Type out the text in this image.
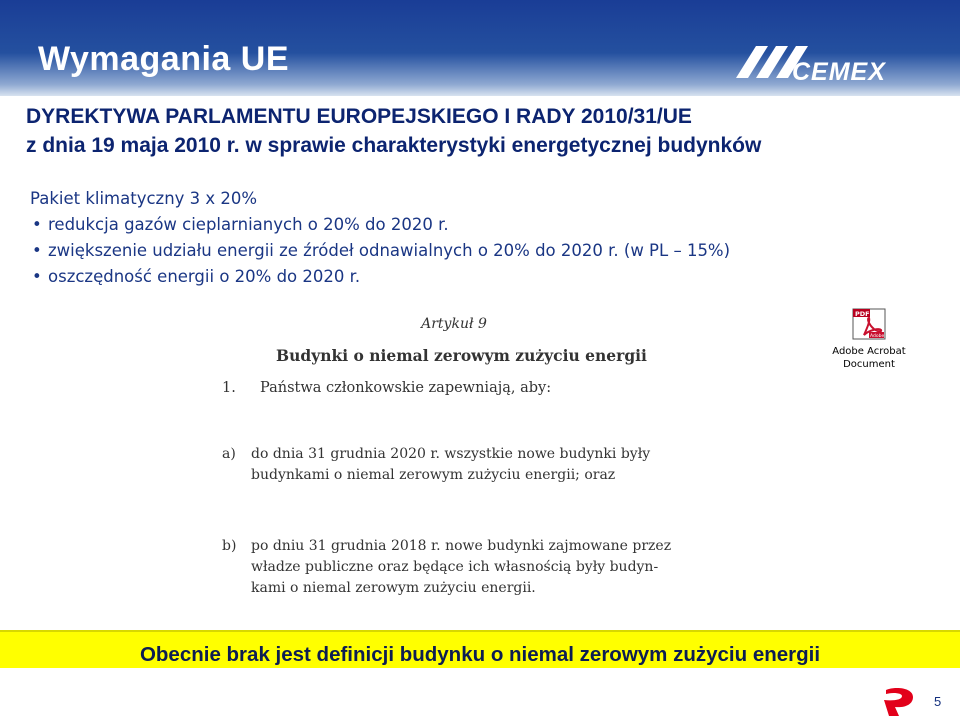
Wymagania UE	CEMEX
DYREKTYWA PARLAMENTU EUROPEJSKIEGO I RADY 2010/31/UE
z dnia 19 maja 2010 r. w sprawie charakterystyki energetycznej budynków
Pakiet klimatyczny 3 x 20%
• redukcja gazów cieplarnianych o 20% do 2020 r.
• zwiększenie udziału energii ze źródeł odnawialnych o 20% do 2020 r. (w PL – 15%)
• oszczędność energii o 20% do 2020 r.
Artykuł 9
Budynki o niemal zerowym zużyciu energii
1. Państwa członkowskie zapewniają, aby:
a) do dnia 31 grudnia 2020 r. wszystkie nowe budynki były
budynkami o niemal zerowym zużyciu energii; oraz
b) po dniu 31 grudnia 2018 r. nowe budynki zajmowane przez
władze publiczne oraz będące ich własnością były budyn-
kami o niemal zerowym zużyciu energii.
PDF
Adobe
Adobe Acrobat
Document
Obecnie brak jest definicji budynku o niemal zerowym zużyciu energii
5
